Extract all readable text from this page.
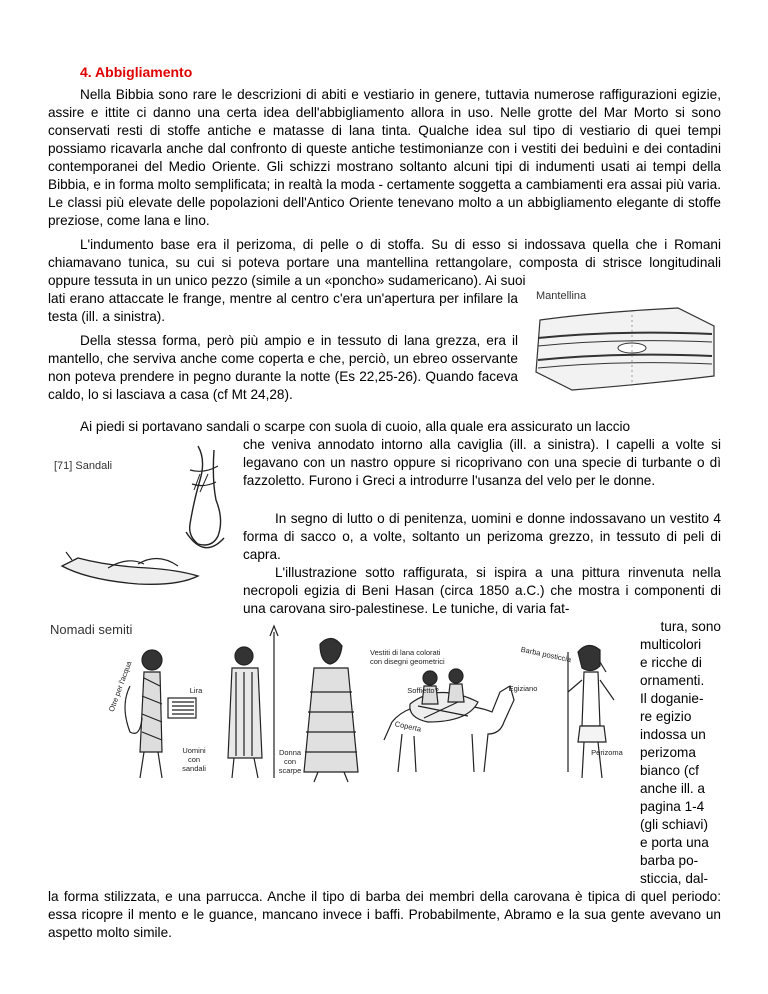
4. Abbigliamento
Nella Bibbia sono rare le descrizioni di abiti e vestiario in genere, tuttavia numerose raffigurazioni egizie, assire e ittite ci danno una certa idea dell'abbigliamento allora in uso. Nelle grotte del Mar Morto si sono conservati resti di stoffe antiche e matasse di lana tinta. Qualche idea sul tipo di vestiario di quei tempi possiamo ricavarla anche dal confronto di queste antiche testimonianze con i vestiti dei beduìni e dei contadini contemporanei del Medio Oriente. Gli schizzi mostrano soltanto alcuni tipi di indumenti usati ai tempi della Bibbia, e in forma molto semplificata; in realtà la moda - certamente soggetta a cambiamenti era assai più varia. Le classi più elevate delle popolazioni dell'Antico Oriente tenevano molto a un abbigliamento elegante di stoffe preziose, come lana e lino.
L'indumento base era il perizoma, di pelle o di stoffa. Su di esso si indossava quella che i Romani chiamavano tunica, su cui si poteva portare una mantellina rettangolare, composta di strisce longitudinali oppure tessuta in un unico pezzo (simile a un «poncho» sudamericano). Ai suoi
lati erano attaccate le frange, mentre al centro c'era un'apertura per infilare la testa (ill. a sinistra).
Della stessa forma, però più ampio e in tessuto di lana grezza, era il mantello, che serviva anche come coperta e che, perciò, un ebreo osservante non poteva prendere in pegno durante la notte (Es 22,25-26). Quando faceva caldo, lo si lasciava a casa (cf Mt 24,28).
Ai piedi si portavano sandali o scarpe con suola di cuoio, alla quale era assicurato un laccio
che veniva annodato intorno alla caviglia (ill. a sinistra). I capelli a volte si legavano con un nastro oppure si ricoprivano con una specie di turbante o dì fazzoletto. Furono i Greci a introdurre l'usanza del velo per le donne.
In segno di lutto o di penitenza, uomini e donne indossavano un vestito 4 forma di sacco o, a volte, soltanto un perizoma grezzo, in tessuto di peli di capra.
L'illustrazione sotto raffigurata, si ispira a una pittura rinvenuta nella necropoli egizia di Beni Hasan (circa 1850 a.C.) che mostra i componenti di una carovana siro-palestinese. Le tuniche, di varia fat-
tura, sono
multicolori
e ricche di
ornamenti.
Il doganie-
re egizio
indossa un
perizoma
bianco (cf
anche ill. a
pagina 1-4
(gli schiavi)
e porta una
barba po-
sticcia, dal-
la forma stilizzata, e una parrucca. Anche il tipo di barba dei membri della carovana è tipica di quel periodo: essa ricopre il mento e le guance, mancano invece i baffi. Probabilmente, Abramo e la sua gente avevano un aspetto molto simile.
Mantellina
[71] Sandali
Nomadi semiti
Otre per l'acqua	Lira
Uomini
con
sandali
Donna
con
scarpe
Vestiti di lana colorati
con disegni geometrici
Soffietto?
Coperta
Barba posticcia
Egiziano
Perizoma
